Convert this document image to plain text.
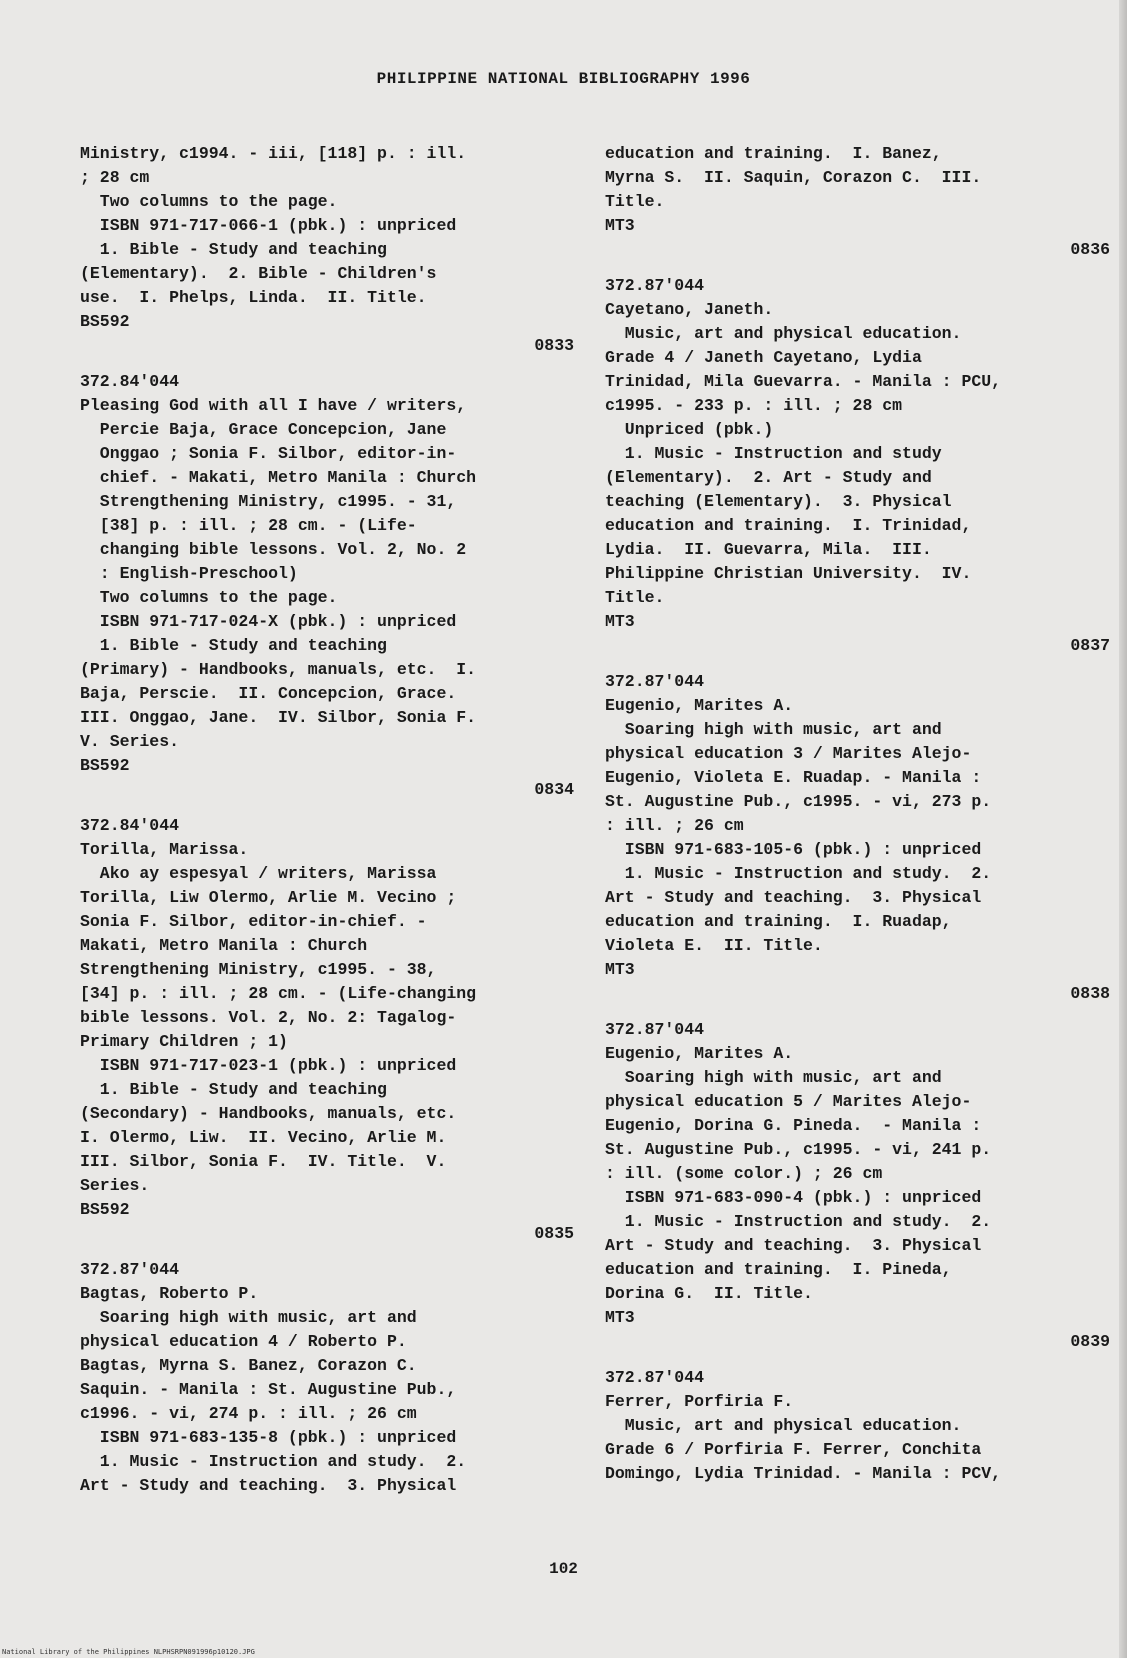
PHILIPPINE NATIONAL BIBLIOGRAPHY 1996
Ministry, c1994. - iii, [118] p. : ill.
; 28 cm
Two columns to the page.
ISBN 971-717-066-1 (pbk.) : unpriced
1. Bible - Study and teaching
(Elementary).  2. Bible - Children's
use.  I. Phelps, Linda.  II. Title.
BS592
0833
372.84'044
Pleasing God with all I have / writers,
Percie Baja, Grace Concepcion, Jane
Onggao ; Sonia F. Silbor, editor-in-
chief. - Makati, Metro Manila : Church
Strengthening Ministry, c1995. - 31,
[38] p. : ill. ; 28 cm. - (Life-
changing bible lessons. Vol. 2, No. 2
: English-Preschool)
Two columns to the page.
ISBN 971-717-024-X (pbk.) : unpriced
1. Bible - Study and teaching
(Primary) - Handbooks, manuals, etc.  I.
Baja, Perscie.  II. Concepcion, Grace.
III. Onggao, Jane.  IV. Silbor, Sonia F.
V. Series.
BS592
0834
372.84'044
Torilla, Marissa.
Ako ay espesyal / writers, Marissa
Torilla, Liw Olermo, Arlie M. Vecino ;
Sonia F. Silbor, editor-in-chief. -
Makati, Metro Manila : Church
Strengthening Ministry, c1995. - 38,
[34] p. : ill. ; 28 cm. - (Life-changing
bible lessons. Vol. 2, No. 2: Tagalog-
Primary Children ; 1)
ISBN 971-717-023-1 (pbk.) : unpriced
1. Bible - Study and teaching
(Secondary) - Handbooks, manuals, etc.
I. Olermo, Liw.  II. Vecino, Arlie M.
III. Silbor, Sonia F.  IV. Title.  V.
Series.
BS592
0835
372.87'044
Bagtas, Roberto P.
Soaring high with music, art and
physical education 4 / Roberto P.
Bagtas, Myrna S. Banez, Corazon C.
Saquin. - Manila : St. Augustine Pub.,
c1996. - vi, 274 p. : ill. ; 26 cm
ISBN 971-683-135-8 (pbk.) : unpriced
1. Music - Instruction and study.  2.
Art - Study and teaching.  3. Physical
education and training.  I. Banez,
Myrna S.  II. Saquin, Corazon C.  III.
Title.
MT3
0836
372.87'044
Cayetano, Janeth.
Music, art and physical education.
Grade 4 / Janeth Cayetano, Lydia
Trinidad, Mila Guevarra. - Manila : PCU,
c1995. - 233 p. : ill. ; 28 cm
Unpriced (pbk.)
1. Music - Instruction and study
(Elementary).  2. Art - Study and
teaching (Elementary).  3. Physical
education and training.  I. Trinidad,
Lydia.  II. Guevarra, Mila.  III.
Philippine Christian University.  IV.
Title.
MT3
0837
372.87'044
Eugenio, Marites A.
Soaring high with music, art and
physical education 3 / Marites Alejo-
Eugenio, Violeta E. Ruadap. - Manila :
St. Augustine Pub., c1995. - vi, 273 p.
: ill. ; 26 cm
ISBN 971-683-105-6 (pbk.) : unpriced
1. Music - Instruction and study.  2.
Art - Study and teaching.  3. Physical
education and training.  I. Ruadap,
Violeta E.  II. Title.
MT3
0838
372.87'044
Eugenio, Marites A.
Soaring high with music, art and
physical education 5 / Marites Alejo-
Eugenio, Dorina G. Pineda.  - Manila :
St. Augustine Pub., c1995. - vi, 241 p.
: ill. (some color.) ; 26 cm
ISBN 971-683-090-4 (pbk.) : unpriced
1. Music - Instruction and study.  2.
Art - Study and teaching.  3. Physical
education and training.  I. Pineda,
Dorina G.  II. Title.
MT3
0839
372.87'044
Ferrer, Porfiria F.
Music, art and physical education.
Grade 6 / Porfiria F. Ferrer, Conchita
Domingo, Lydia Trinidad. - Manila : PCV,
102
National Library of the Philippines NLPHSRPN091996p10120.JPG
